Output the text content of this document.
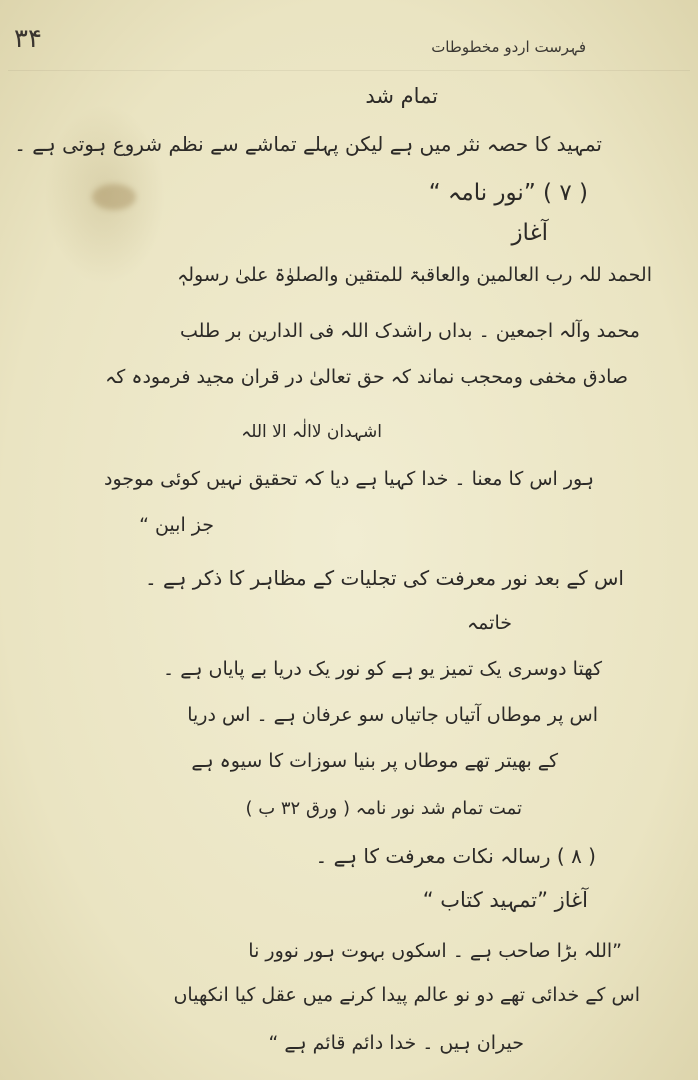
۳۴	فہرست اردو مخطوطات
تمام شد
تمہید کا حصہ نثر میں ہے لیکن پہلے تماشے سے نظم شروع ہوتی ہے ۔
( ۷ ) ”نور نامہ “
آغاز
الحمد للہ رب العالمین والعاقبۃ للمتقین والصلوٰۃ علیٰ رسولہٖ
محمد وآلہ اجمعین ۔ بداں راشدک اللہ فی الدارین بر طلب
صادق مخفی ومحجب نماند کہ حق تعالیٰ در قران مجید فرمودہ کہ
اشہدان لاالٰہ الا اللہ
ہور اس کا معنا ۔ خدا کہیا ہے دیا کہ تحقیق نہیں کوئی موجود
جز ابین “
اس کے بعد نور معرفت کی تجلیات کے مظاہر کا ذکر ہے ۔
خاتمہ
کھتا دوسری یک تمیز یو ہے کو نور یک دریا بے پایاں ہے ۔
اس پر موطاں آتیاں جاتیاں سو عرفان ہے ۔ اس دریا
کے بھیتر تھے موطاں پر بنیا سوزات کا سیوہ ہے
تمت تمام شد نور نامہ ( ورق ۳۲ ب )
( ۸ ) رسالہ نکات معرفت کا ہے ۔
آغاز ”تمہید کتاب “
”اللہ بڑا صاحب ہے ۔ اسکوں بہوت ہور نوور نا
اس کے خدائی تھے دو نو عالم پیدا کرنے میں عقل کیا انکھیاں
حیران ہیں ۔ خدا دائم قائم ہے “
